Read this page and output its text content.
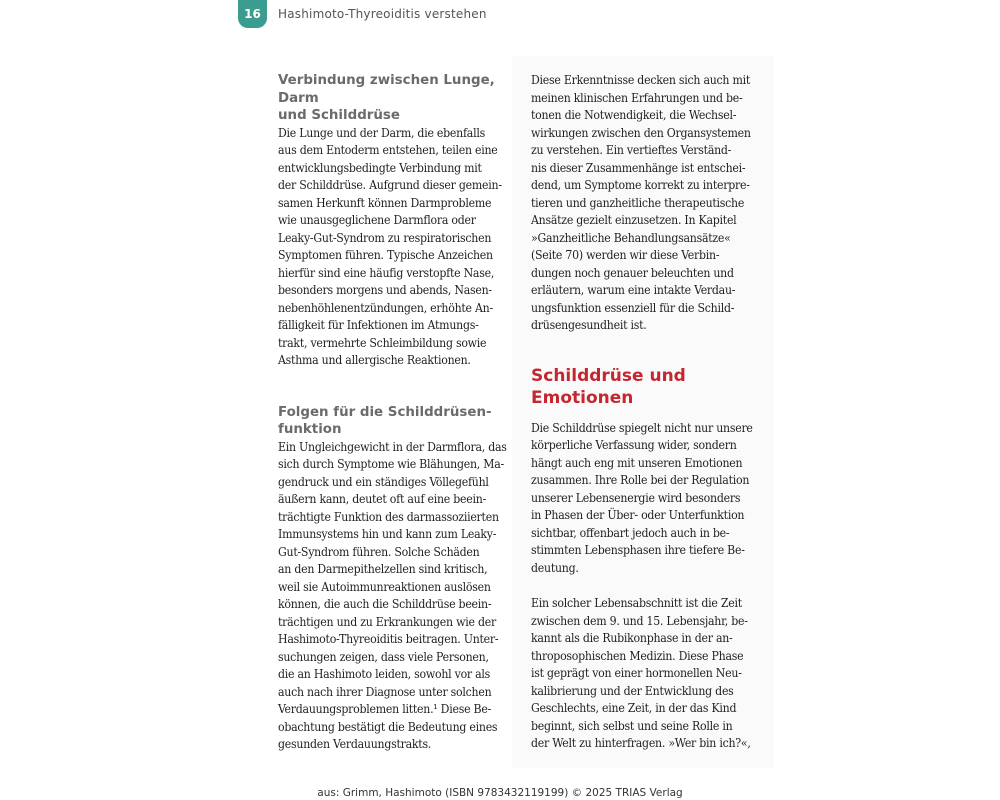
16	Hashimoto-Thyreoiditis verstehen
Verbindung zwischen Lunge, Darm
und Schilddrüse
Die Lunge und der Darm, die ebenfalls
aus dem Entoderm entstehen, teilen eine
entwicklungsbedingte Verbindung mit
der Schilddrüse. Aufgrund dieser gemein-
samen Herkunft können Darmprobleme
wie unausgeglichene Darmflora oder
Leaky-Gut-Syndrom zu respiratorischen
Symptomen führen. Typische Anzeichen
hierfür sind eine häufig verstopfte Nase,
besonders morgens und abends, Nasen-
nebenhöhlenentzündungen, erhöhte An-
fälligkeit für Infektionen im Atmungs-
trakt, vermehrte Schleimbildung sowie
Asthma und allergische Reaktionen.
Folgen für die Schilddrüsen-
funktion
Ein Ungleichgewicht in der Darmflora, das
sich durch Symptome wie Blähungen, Ma-
gendruck und ein ständiges Völlegefühl
äußern kann, deutet oft auf eine beein-
trächtigte Funktion des darmassoziierten
Immunsystems hin und kann zum Leaky-
Gut-Syndrom führen. Solche Schäden
an den Darmepithelzellen sind kritisch,
weil sie Autoimmunreaktionen auslösen
können, die auch die Schilddrüse beein-
trächtigen und zu Erkrankungen wie der
Hashimoto-Thyreoiditis beitragen. Unter-
suchungen zeigen, dass viele Personen,
die an Hashimoto leiden, sowohl vor als
auch nach ihrer Diagnose unter solchen
Verdauungsproblemen litten.¹ Diese Be-
obachtung bestätigt die Bedeutung eines
gesunden Verdauungstrakts.
Diese Erkenntnisse decken sich auch mit
meinen klinischen Erfahrungen und be-
tonen die Notwendigkeit, die Wechsel-
wirkungen zwischen den Organsystemen
zu verstehen. Ein vertieftes Verständ-
nis dieser Zusammenhänge ist entschei-
dend, um Symptome korrekt zu interpre-
tieren und ganzheitliche therapeutische
Ansätze gezielt einzusetzen. In Kapitel
»Ganzheitliche Behandlungsansätze«
(Seite 70) werden wir diese Verbin-
dungen noch genauer beleuchten und
erläutern, warum eine intakte Verdau-
ungsfunktion essenziell für die Schild-
drüsengesundheit ist.
Schilddrüse und Emotionen
Die Schilddrüse spiegelt nicht nur unsere
körperliche Verfassung wider, sondern
hängt auch eng mit unseren Emotionen
zusammen. Ihre Rolle bei der Regulation
unserer Lebensenergie wird besonders
in Phasen der Über- oder Unterfunktion
sichtbar, offenbart jedoch auch in be-
stimmten Lebensphasen ihre tiefere Be-
deutung.
Ein solcher Lebensabschnitt ist die Zeit
zwischen dem 9. und 15. Lebensjahr, be-
kannt als die Rubikonphase in der an-
throposophischen Medizin. Diese Phase
ist geprägt von einer hormonellen Neu-
kalibrierung und der Entwicklung des
Geschlechts, eine Zeit, in der das Kind
beginnt, sich selbst und seine Rolle in
der Welt zu hinterfragen. »Wer bin ich?«,
aus: Grimm, Hashimoto (ISBN 9783432119199) © 2025 TRIAS Verlag
